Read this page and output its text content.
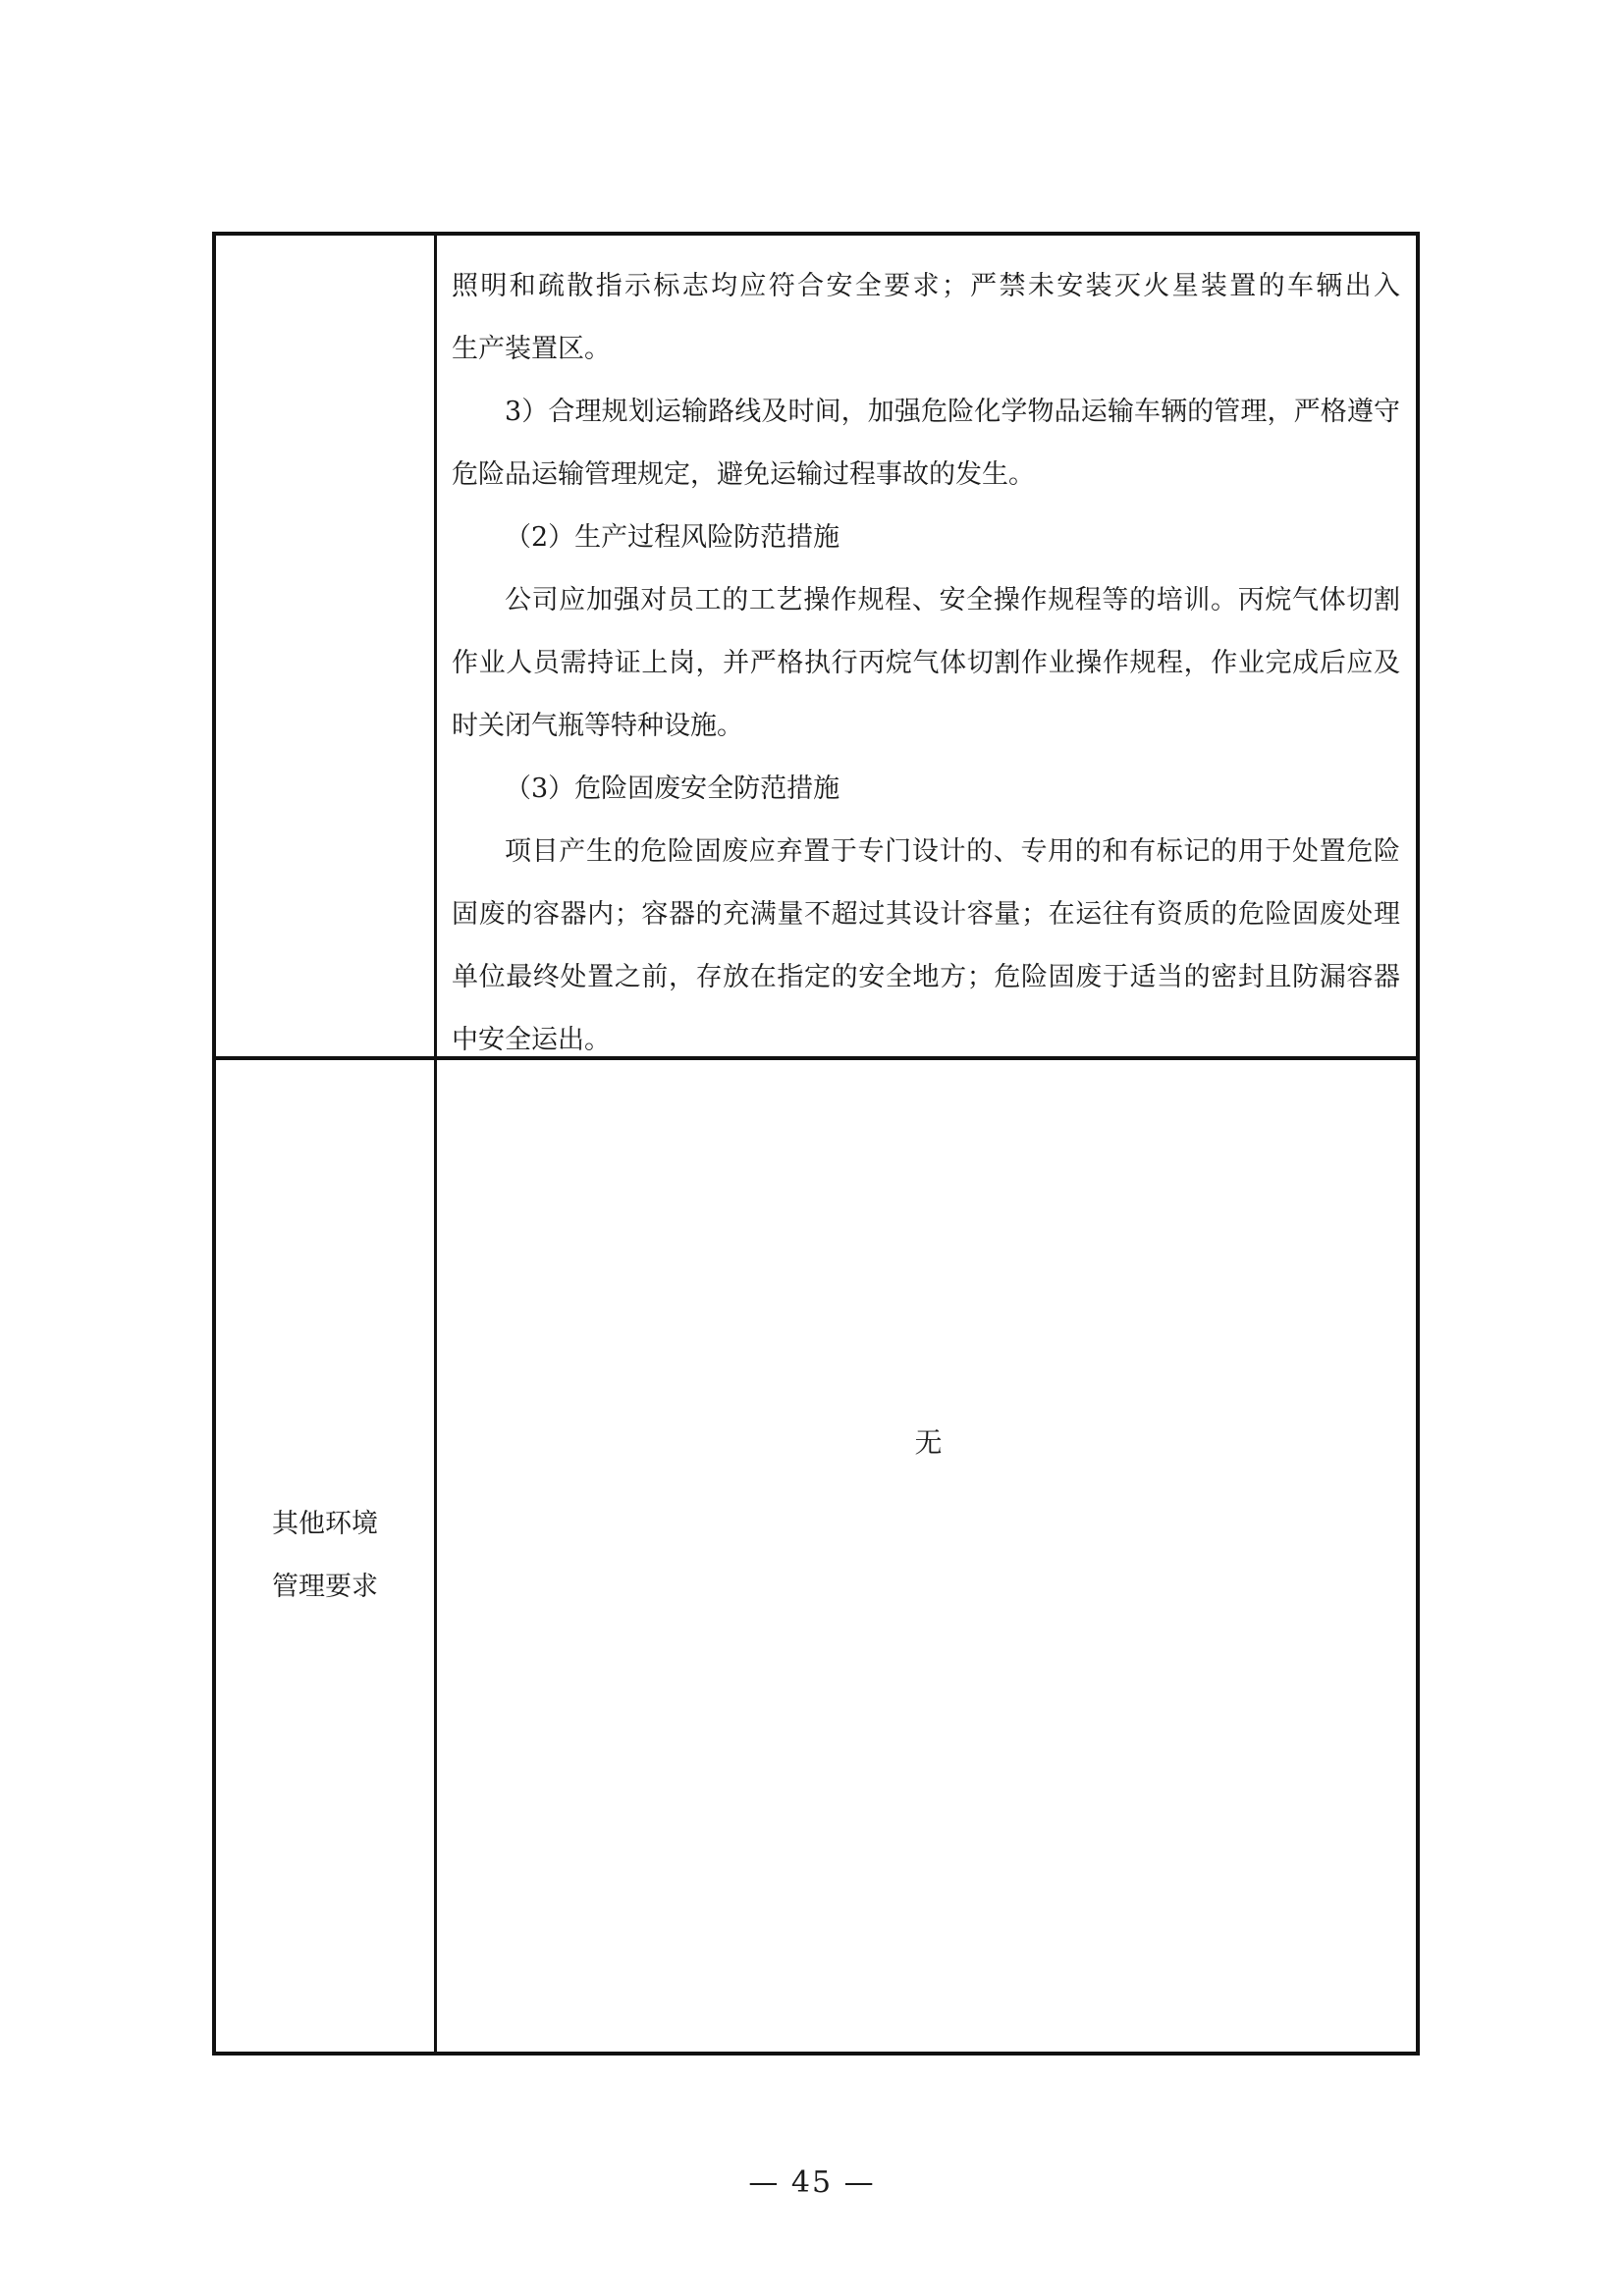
照明和疏散指示标志均应符合安全要求；严禁未安装灭火星装置的车辆出入

生产装置区。

3）合理规划运输路线及时间，加强危险化学物品运输车辆的管理，严格遵守危险品运输管理规定，避免运输过程事故的发生。

（2）生产过程风险防范措施

公司应加强对员工的工艺操作规程、安全操作规程等的培训。丙烷气体切割作业人员需持证上岗，并严格执行丙烷气体切割作业操作规程，作业完成后应及时关闭气瓶等特种设施。

（3）危险固废安全防范措施

项目产生的危险固废应弃置于专门设计的、专用的和有标记的用于处置危险固废的容器内；容器的充满量不超过其设计容量；在运往有资质的危险固废处理单位最终处置之前，存放在指定的安全地方；危险固废于适当的密封且防漏容器中安全运出。

其他环境
管理要求
无
— 45 —
